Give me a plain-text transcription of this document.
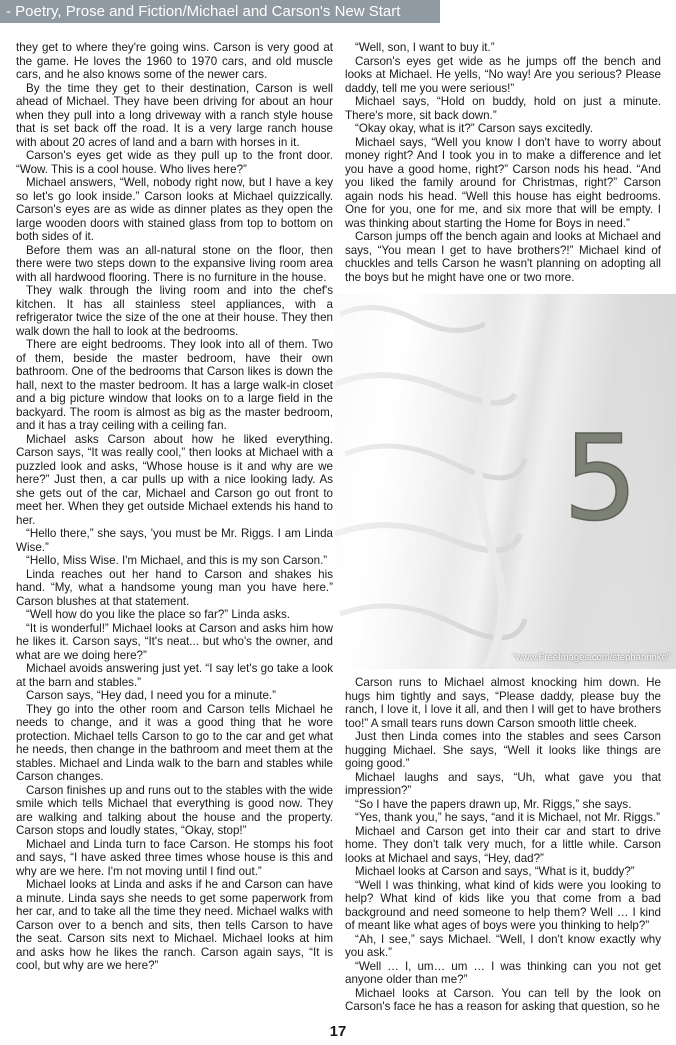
- Poetry, Prose and Fiction/Michael and Carson's New Start

they get to where they're going wins. Carson is very good at the game. He loves the 1960 to 1970 cars, and old muscle cars, and he also knows some of the newer cars.

By the time they get to their destination, Carson is well ahead of Michael. They have been driving for about an hour when they pull into a long driveway with a ranch style house that is set back off the road. It is a very large ranch house with about 20 acres of land and a barn with horses in it.

Carson's eyes get wide as they pull up to the front door. “Wow. This is a cool house. Who lives here?”

Michael answers, “Well, nobody right now, but I have a key so let's go look inside.” Carson looks at Michael quizzically. Carson's eyes are as wide as dinner plates as they open the large wooden doors with stained glass from top to bottom on both sides of it.

Before them was an all-natural stone on the floor, then there were two steps down to the expansive living room area with all hardwood flooring. There is no furniture in the house.

They walk through the living room and into the chef's kitchen. It has all stainless steel appliances, with a refrigerator twice the size of the one at their house. They then walk down the hall to look at the bedrooms.

There are eight bedrooms. They look into all of them. Two of them, beside the master bedroom, have their own bathroom. One of the bedrooms that Carson likes is down the hall, next to the master bedroom. It has a large walk-in closet and a big picture window that looks on to a large field in the backyard. The room is almost as big as the master bedroom, and it has a tray ceiling with a ceiling fan.

Michael asks Carson about how he liked everything. Carson says, “It was really cool,” then looks at Michael with a puzzled look and asks, “Whose house is it and why are we here?” Just then, a car pulls up with a nice looking lady. As she gets out of the car, Michael and Carson go out front to meet her. When they get outside Michael extends his hand to her.

“Hello there,” she says, 'you must be Mr. Riggs. I am Linda Wise.”

“Hello, Miss Wise. I'm Michael, and this is my son Carson.”

Linda reaches out her hand to Carson and shakes his hand. “My, what a handsome young man you have here.” Carson blushes at that statement.

“Well how do you like the place so far?” Linda asks.

“It is wonderful!” Michael looks at Carson and asks him how he likes it. Carson says, “It's neat... but who's the owner, and what are we doing here?”

Michael avoids answering just yet. “I say let's go take a look at the barn and stables.”

Carson says, “Hey dad, I need you for a minute.”

They go into the other room and Carson tells Michael he needs to change, and it was a good thing that he wore protection. Michael tells Carson to go to the car and get what he needs, then change in the bathroom and meet them at the stables. Michael and Linda walk to the barn and stables while Carson changes.

Carson finishes up and runs out to the stables with the wide smile which tells Michael that everything is good now. They are walking and talking about the house and the property. Carson stops and loudly states, “Okay, stop!”

Michael and Linda turn to face Carson. He stomps his foot and says, “I have asked three times whose house is this and why are we here. I'm not moving until I find out.”

Michael looks at Linda and asks if he and Carson can have a minute. Linda says she needs to get some paperwork from her car, and to take all the time they need. Michael walks with Carson over to a bench and sits, then tells Carson to have the seat. Carson sits next to Michael. Michael looks at him and asks how he likes the ranch. Carson again says, “It is cool, but why are we here?”

“Well, son, I want to buy it.”

Carson's eyes get wide as he jumps off the bench and looks at Michael. He yells, “No way! Are you serious? Please daddy, tell me you were serious!”

Michael says, “Hold on buddy, hold on just a minute. There's more, sit back down.”

“Okay okay, what is it?” Carson says excitedly.

Michael says, “Well you know I don't have to worry about money right? And I took you in to make a difference and let you have a good home, right?” Carson nods his head. “And you liked the family around for Christmas, right?” Carson again nods his head. “Well this house has eight bedrooms. One for you, one for me, and six more that will be empty. I was thinking about starting the Home for Boys in need.”

Carson jumps off the bench again and looks at Michael and says, “You mean I get to have brothers?!” Michael kind of chuckles and tells Carson he wasn't planning on adopting all the boys but he might have one or two more.

5
“www.FreeImages.com/stephanrinke”

Carson runs to Michael almost knocking him down. He hugs him tightly and says, “Please daddy, please buy the ranch, I love it, I love it all, and then I will get to have brothers too!” A small tears runs down Carson smooth little cheek.

Just then Linda comes into the stables and sees Carson hugging Michael. She says, “Well it looks like things are going good.”

Michael laughs and says, “Uh, what gave you that impression?”

“So I have the papers drawn up, Mr. Riggs,” she says.

“Yes, thank you,” he says, “and it is Michael, not Mr. Riggs.”

Michael and Carson get into their car and start to drive home. They don't talk very much, for a little while. Carson looks at Michael and says, “Hey, dad?”

Michael looks at Carson and says, “What is it, buddy?”

“Well I was thinking, what kind of kids were you looking to help? What kind of kids like you that come from a bad background and need someone to help them? Well … I kind of meant like what ages of boys were you thinking to help?”

“Ah, I see,” says Michael. “Well, I don't know exactly why you ask.”

“Well … I, um… um … I was thinking can you not get anyone older than me?”

Michael looks at Carson. You can tell by the look on Carson's face he has a reason for asking that question, so he

17
